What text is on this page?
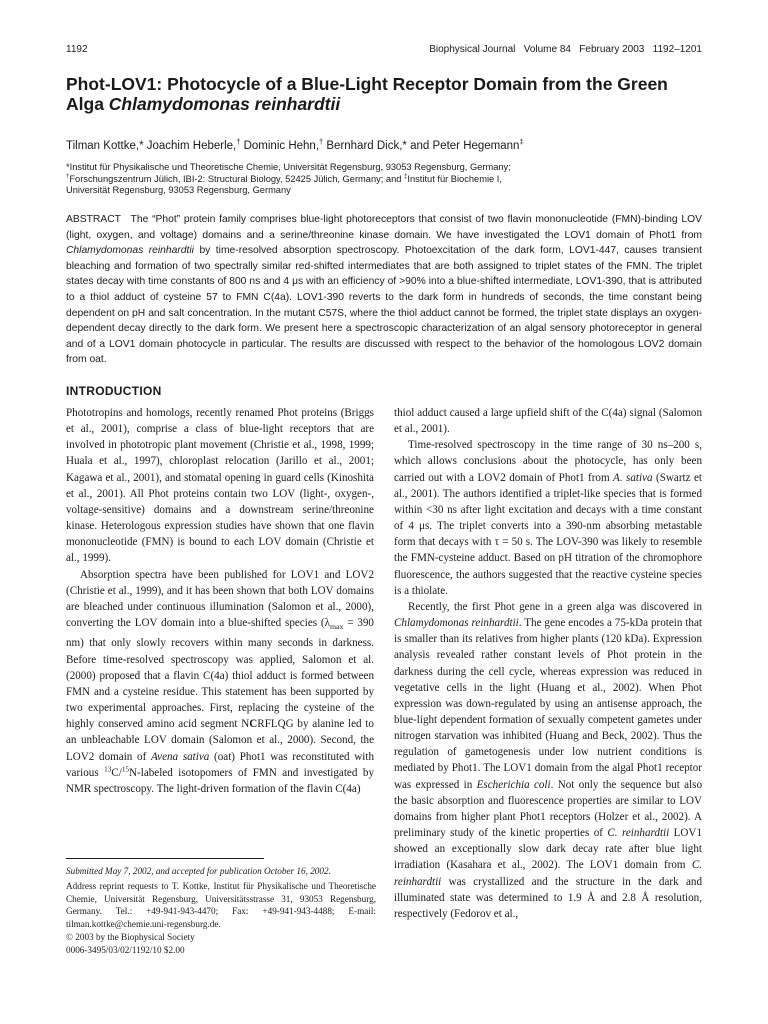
1192	Biophysical Journal   Volume 84   February 2003   1192–1201
Phot-LOV1: Photocycle of a Blue-Light Receptor Domain from the Green Alga Chlamydomonas reinhardtii
Tilman Kottke,* Joachim Heberle,† Dominic Hehn,† Bernhard Dick,* and Peter Hegemann‡
*Institut für Physikalische und Theoretische Chemie, Universität Regensburg, 93053 Regensburg, Germany;
†Forschungszentrum Jülich, IBI-2: Structural Biology, 52425 Jülich, Germany; and ‡Institut für Biochemie I,
Universität Regensburg, 93053 Regensburg, Germany

ABSTRACT The “Phot” protein family comprises blue-light photoreceptors that consist of two flavin mononucleotide (FMN)-binding LOV (light, oxygen, and voltage) domains and a serine/threonine kinase domain. We have investigated the LOV1 domain of Phot1 from Chlamydomonas reinhardtii by time-resolved absorption spectroscopy. Photoexcitation of the dark form, LOV1-447, causes transient bleaching and formation of two spectrally similar red-shifted intermediates that are both assigned to triplet states of the FMN. The triplet states decay with time constants of 800 ns and 4 μs with an efficiency of >90% into a blue-shifted intermediate, LOV1-390, that is attributed to a thiol adduct of cysteine 57 to FMN C(4a). LOV1-390 reverts to the dark form in hundreds of seconds, the time constant being dependent on pH and salt concentration. In the mutant C57S, where the thiol adduct cannot be formed, the triplet state displays an oxygen-dependent decay directly to the dark form. We present here a spectroscopic characterization of an algal sensory photoreceptor in general and of a LOV1 domain photocycle in particular. The results are discussed with respect to the behavior of the homologous LOV2 domain from oat.

INTRODUCTION

Phototropins and homologs, recently renamed Phot proteins (Briggs et al., 2001), comprise a class of blue-light receptors that are involved in phototropic plant movement (Christie et al., 1998, 1999; Huala et al., 1997), chloroplast relocation (Jarillo et al., 2001; Kagawa et al., 2001), and stomatal opening in guard cells (Kinoshita et al., 2001). All Phot proteins contain two LOV (light-, oxygen-, voltage-sensitive) domains and a downstream serine/threonine kinase. Heterologous expression studies have shown that one flavin mononucleotide (FMN) is bound to each LOV domain (Christie et al., 1999).

Absorption spectra have been published for LOV1 and LOV2 (Christie et al., 1999), and it has been shown that both LOV domains are bleached under continuous illumination (Salomon et al., 2000), converting the LOV domain into a blue-shifted species ($\lambda_{max} = 390$ nm) that only slowly recovers within many seconds in darkness. Before time-resolved spectroscopy was applied, Salomon et al. (2000) proposed that a flavin C(4a) thiol adduct is formed between FMN and a cysteine residue. This statement has been supported by two experimental approaches. First, replacing the cysteine of the highly conserved amino acid segment NCRFLQG by alanine led to an unbleachable LOV domain (Salomon et al., 2000). Second, the LOV2 domain of Avena sativa (oat) Phot1 was reconstituted with various $^{13}$C/$^{15}$N-labeled isotopomers of FMN and investigated by NMR spectroscopy. The light-driven formation of the flavin C(4a)

thiol adduct caused a large upfield shift of the C(4a) signal (Salomon et al., 2001).

Time-resolved spectroscopy in the time range of 30 ns–200 s, which allows conclusions about the photocycle, has only been carried out with a LOV2 domain of Phot1 from A. sativa (Swartz et al., 2001). The authors identified a triplet-like species that is formed within <30 ns after light excitation and decays with a time constant of 4 μs. The triplet converts into a 390-nm absorbing metastable form that decays with τ = 50 s. The LOV-390 was likely to resemble the FMN-cysteine adduct. Based on pH titration of the chromophore fluorescence, the authors suggested that the reactive cysteine species is a thiolate.

Recently, the first Phot gene in a green alga was discovered in Chlamydomonas reinhardtii. The gene encodes a 75-kDa protein that is smaller than its relatives from higher plants (120 kDa). Expression analysis revealed rather constant levels of Phot protein in the darkness during the cell cycle, whereas expression was reduced in vegetative cells in the light (Huang et al., 2002). When Phot expression was down-regulated by using an antisense approach, the blue-light dependent formation of sexually competent gametes under nitrogen starvation was inhibited (Huang and Beck, 2002). Thus the regulation of gametogenesis under low nutrient conditions is mediated by Phot1. The LOV1 domain from the algal Phot1 receptor was expressed in Escherichia coli. Not only the sequence but also the basic absorption and fluorescence properties are similar to LOV domains from higher plant Phot1 receptors (Holzer et al., 2002). A preliminary study of the kinetic properties of C. reinhardtii LOV1 showed an exceptionally slow dark decay rate after blue light irradiation (Kasahara et al., 2002). The LOV1 domain from C. reinhardtii was crystallized and the structure in the dark and illuminated state was determined to 1.9 Å and 2.8 Å resolution, respectively (Fedorov et al.,

Submitted May 7, 2002, and accepted for publication October 16, 2002.

Address reprint requests to T. Kottke, Institut für Physikalische und Theoretische Chemie, Universität Regensburg, Universitätsstrasse 31, 93053 Regensburg, Germany. Tel.: +49-941-943-4470; Fax: +49-941-943-4488; E-mail: tilman.kottke@chemie.uni-regensburg.de.

© 2003 by the Biophysical Society

0006-3495/03/02/1192/10 $2.00
